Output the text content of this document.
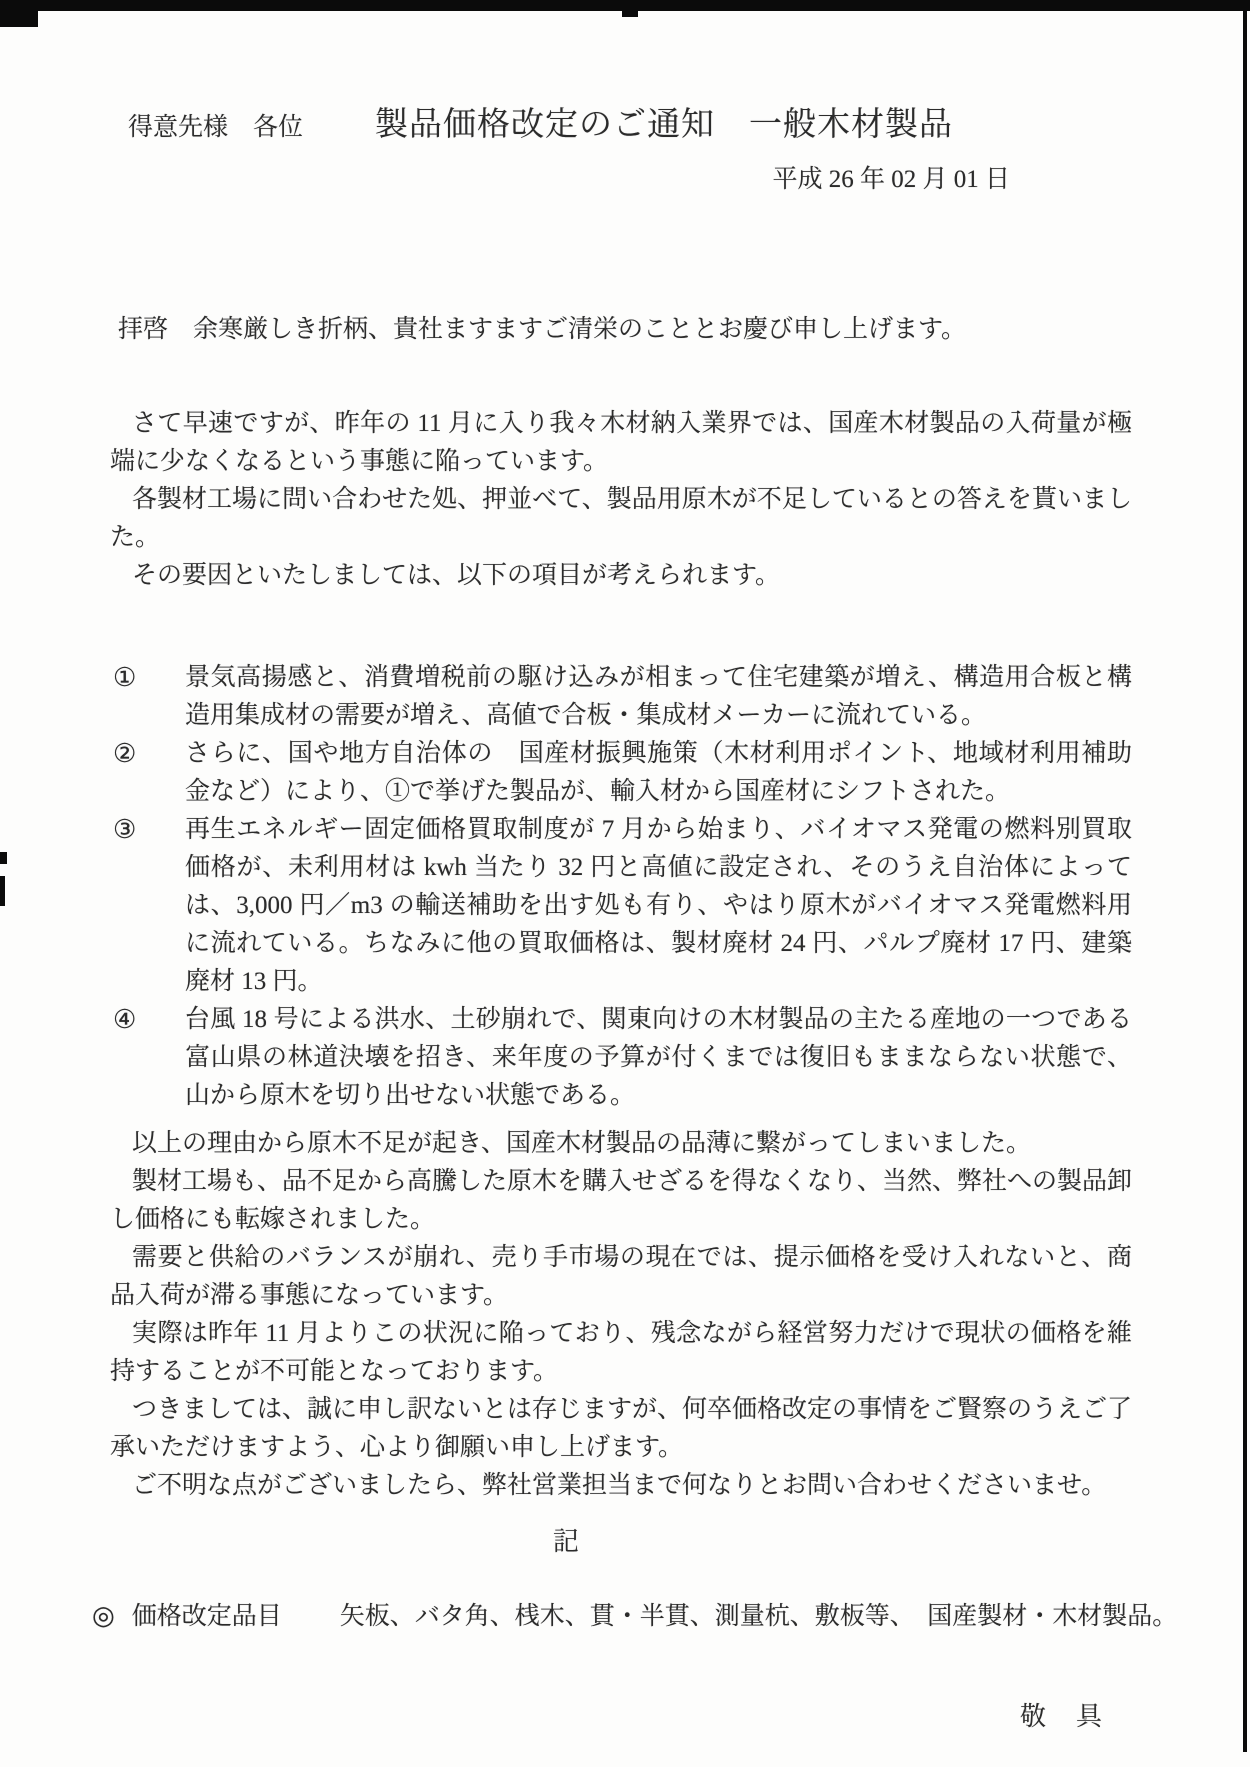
得意先様　各位 製品価格改定のご通知　一般木材製品
平成 26 年 02 月 01 日

拝啓　余寒厳しき折柄、貴社ますますご清栄のこととお慶び申し上げます。

さて早速ですが、昨年の 11 月に入り我々木材納入業界では、国産木材製品の入荷量が極端に少なくなるという事態に陥っています。

各製材工場に問い合わせた処、押並べて、製品用原木が不足しているとの答えを貰いました。

その要因といたしましては、以下の項目が考えられます。

① 景気高揚感と、消費増税前の駆け込みが相まって住宅建築が増え、構造用合板と構造用集成材の需要が増え、高値で合板・集成材メーカーに流れている。
② さらに、国や地方自治体の　国産材振興施策（木材利用ポイント、地域材利用補助金など）により、①で挙げた製品が、輸入材から国産材にシフトされた。
③ 再生エネルギー固定価格買取制度が 7 月から始まり、バイオマス発電の燃料別買取価格が、未利用材は kwh 当たり 32 円と高値に設定され、そのうえ自治体によっては、3,000 円／m3 の輸送補助を出す処も有り、やはり原木がバイオマス発電燃料用に流れている。ちなみに他の買取価格は、製材廃材 24 円、パルプ廃材 17 円、建築廃材 13 円。
④ 台風 18 号による洪水、土砂崩れで、関東向けの木材製品の主たる産地の一つである富山県の林道決壊を招き、来年度の予算が付くまでは復旧もままならない状態で、山から原木を切り出せない状態である。

以上の理由から原木不足が起き、国産木材製品の品薄に繋がってしまいました。

製材工場も、品不足から高騰した原木を購入せざるを得なくなり、当然、弊社への製品卸し価格にも転嫁されました。

需要と供給のバランスが崩れ、売り手市場の現在では、提示価格を受け入れないと、商品入荷が滞る事態になっています。

実際は昨年 11 月よりこの状況に陥っており、残念ながら経営努力だけで現状の価格を維持することが不可能となっております。

つきましては、誠に申し訳ないとは存じますが、何卒価格改定の事情をご賢察のうえご了承いただけますよう、心より御願い申し上げます。

ご不明な点がございましたら、弊社営業担当まで何なりとお問い合わせくださいませ。

記

◎ 価格改定品目 矢板、バタ角、桟木、貫・半貫、測量杭、敷板等、　国産製材・木材製品。
敬　具
